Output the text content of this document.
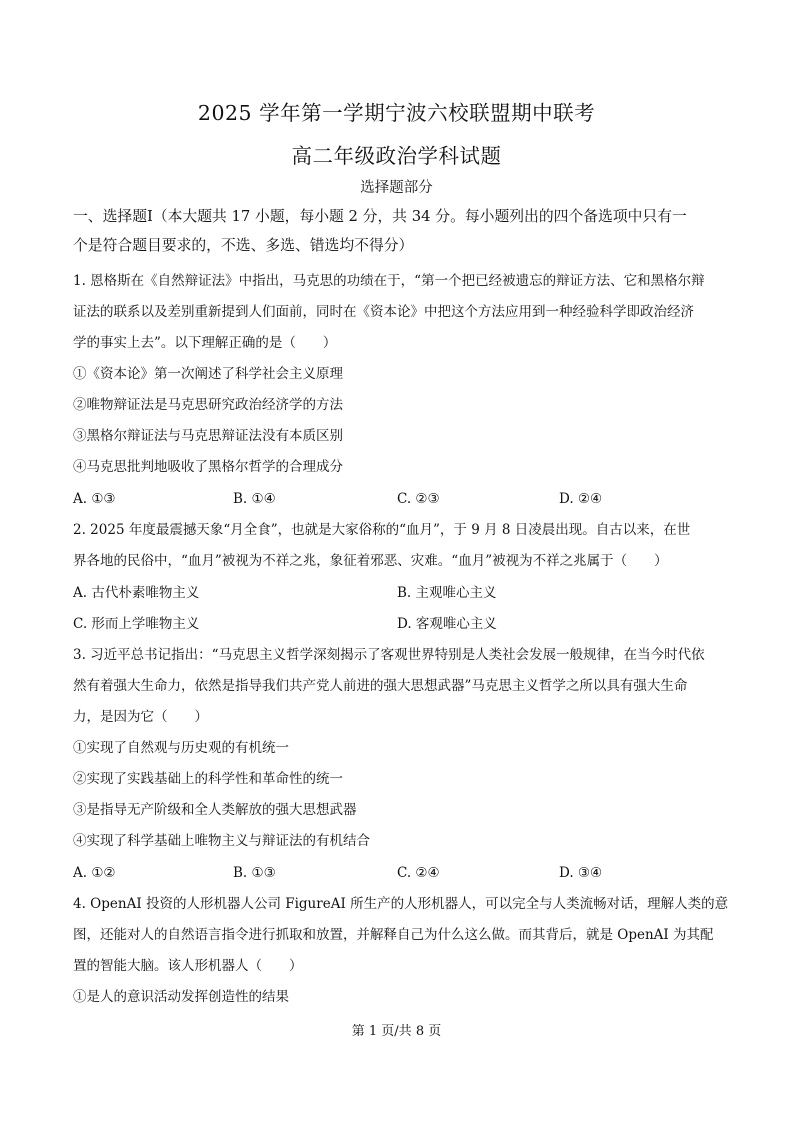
2025 学年第一学期宁波六校联盟期中联考
高二年级政治学科试题
选择题部分
一、选择题Ⅰ（本大题共 17 小题，每小题 2 分，共 34 分。每小题列出的四个备选项中只有一
个是符合题目要求的，不选、多选、错选均不得分）
1. 恩格斯在《自然辩证法》中指出，马克思的功绩在于，“第一个把已经被遗忘的辩证方法、它和黑格尔辩
证法的联系以及差别重新提到人们面前，同时在《资本论》中把这个方法应用到一种经验科学即政治经济
学的事实上去”。以下理解正确的是（　　）
①《资本论》第一次阐述了科学社会主义原理
②唯物辩证法是马克思研究政治经济学的方法
③黑格尔辩证法与马克思辩证法没有本质区别
④马克思批判地吸收了黑格尔哲学的合理成分
A. ①③	B. ①④	C. ②③	D. ②④
2. 2025 年度最震撼天象“月全食”，也就是大家俗称的“血月”，于 9 月 8 日凌晨出现。自古以来，在世
界各地的民俗中，“血月”被视为不祥之兆，象征着邪恶、灾难。“血月”被视为不祥之兆属于（　　）
A. 古代朴素唯物主义	B. 主观唯心主义
C. 形而上学唯物主义	D. 客观唯心主义
3. 习近平总书记指出：“马克思主义哲学深刻揭示了客观世界特别是人类社会发展一般规律，在当今时代依
然有着强大生命力，依然是指导我们共产党人前进的强大思想武器”马克思主义哲学之所以具有强大生命
力，是因为它（　　）
①实现了自然观与历史观的有机统一
②实现了实践基础上的科学性和革命性的统一
③是指导无产阶级和全人类解放的强大思想武器
④实现了科学基础上唯物主义与辩证法的有机结合
A. ①②	B. ①③	C. ②④	D. ③④
4. OpenAI 投资的人形机器人公司 FigureAI 所生产的人形机器人，可以完全与人类流畅对话，理解人类的意
图，还能对人的自然语言指令进行抓取和放置，并解释自己为什么这么做。而其背后，就是 OpenAI 为其配
置的智能大脑。该人形机器人（　　）
①是人的意识活动发挥创造性的结果
第 1 页/共 8 页
